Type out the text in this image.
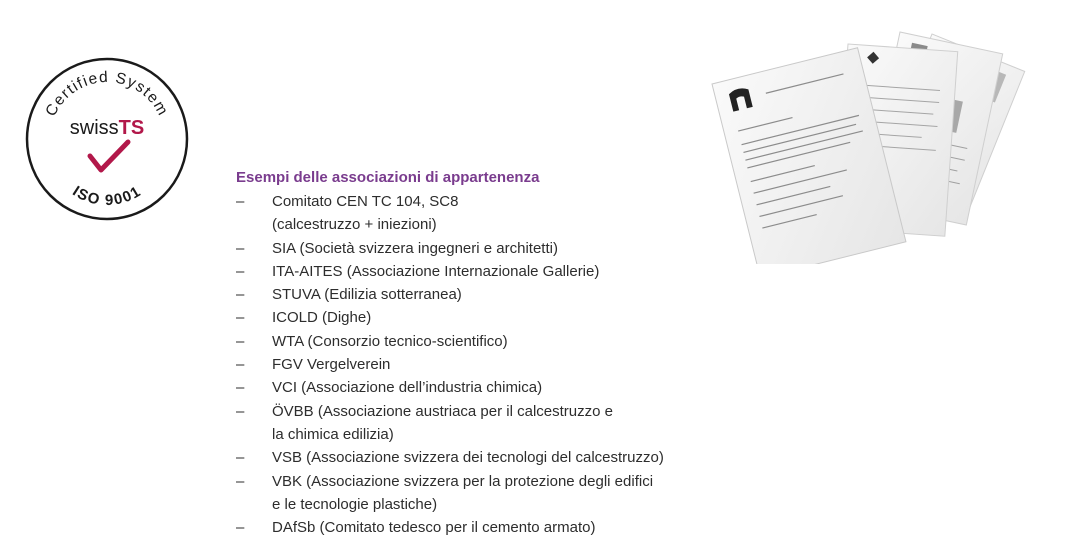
Certified System
swissTS
ISO 9001
Esempi delle associazioni di appartenenza
– Comitato CEN TC 104, SC8
(calcestruzzo + iniezioni)
– SIA (Società svizzera ingegneri e architetti)
– ITA-AITES (Associazione Internazionale Gallerie)
– STUVA (Edilizia sotterranea)
– ICOLD (Dighe)
– WTA (Consorzio tecnico-scientifico)
– FGV Vergelverein
– VCI (Associazione dell’industria chimica)
– ÖVBB (Associazione austriaca per il calcestruzzo e
la chimica edilizia)
– VSB (Associazione svizzera dei tecnologi del calcestruzzo)
– VBK (Associazione svizzera per la protezione degli edifici
e le tecnologie plastiche)
– DAfSb (Comitato tedesco per il cemento armato)
